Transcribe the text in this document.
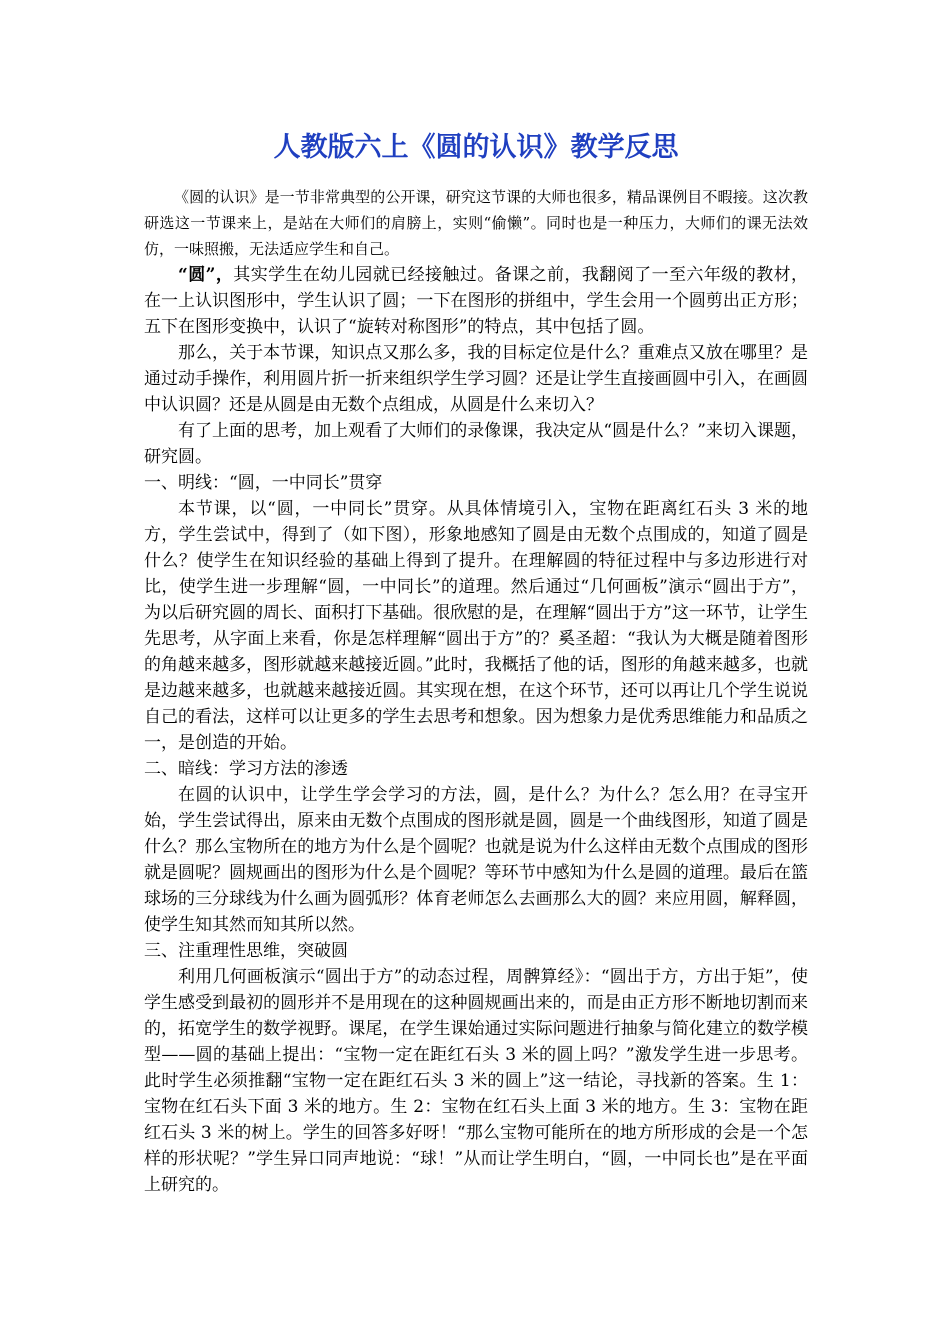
人教版六上《圆的认识》教学反思

《圆的认识》是一节非常典型的公开课，研究这节课的大师也很多，精品课例目不暇接。这次教研选这一节课来上，是站在大师们的肩膀上，实则“偷懒”。同时也是一种压力，大师们的课无法效仿，一味照搬，无法适应学生和自己。

“圆”，其实学生在幼儿园就已经接触过。备课之前，我翻阅了一至六年级的教材，在一上认识图形中，学生认识了圆；一下在图形的拼组中，学生会用一个圆剪出正方形；五下在图形变换中，认识了“旋转对称图形”的特点，其中包括了圆。

那么，关于本节课，知识点又那么多，我的目标定位是什么？重难点又放在哪里？是通过动手操作，利用圆片折一折来组织学生学习圆？还是让学生直接画圆中引入，在画圆中认识圆？还是从圆是由无数个点组成，从圆是什么来切入？

有了上面的思考，加上观看了大师们的录像课，我决定从“圆是什么？”来切入课题，研究圆。

一、明线：“圆，一中同长”贯穿

本节课，以“圆，一中同长”贯穿。从具体情境引入，宝物在距离红石头 3 米的地方，学生尝试中，得到了（如下图），形象地感知了圆是由无数个点围成的，知道了圆是什么？使学生在知识经验的基础上得到了提升。在理解圆的特征过程中与多边形进行对比，使学生进一步理解“圆，一中同长”的道理。然后通过“几何画板”演示“圆出于方”，为以后研究圆的周长、面积打下基础。很欣慰的是，在理解“圆出于方”这一环节，让学生先思考，从字面上来看，你是怎样理解“圆出于方”的？奚圣超：“我认为大概是随着图形的角越来越多，图形就越来越接近圆。”此时，我概括了他的话，图形的角越来越多，也就是边越来越多，也就越来越接近圆。其实现在想，在这个环节，还可以再让几个学生说说自己的看法，这样可以让更多的学生去思考和想象。因为想象力是优秀思维能力和品质之一，是创造的开始。

二、暗线：学习方法的渗透

在圆的认识中，让学生学会学习的方法，圆，是什么？为什么？怎么用？在寻宝开始，学生尝试得出，原来由无数个点围成的图形就是圆，圆是一个曲线图形，知道了圆是什么？那么宝物所在的地方为什么是个圆呢？也就是说为什么这样由无数个点围成的图形就是圆呢？圆规画出的图形为什么是个圆呢？等环节中感知为什么是圆的道理。最后在篮球场的三分球线为什么画为圆弧形？体育老师怎么去画那么大的圆？来应用圆，解释圆，使学生知其然而知其所以然。

三、注重理性思维，突破圆

利用几何画板演示“圆出于方”的动态过程，周髀算经》：“圆出于方，方出于矩”，使学生感受到最初的圆形并不是用现在的这种圆规画出来的，而是由正方形不断地切割而来的，拓宽学生的数学视野。课尾，在学生课始通过实际问题进行抽象与简化建立的数学模型——圆的基础上提出：“宝物一定在距红石头 3 米的圆上吗？”激发学生进一步思考。此时学生必须推翻“宝物一定在距红石头 3 米的圆上”这一结论，寻找新的答案。生 1：宝物在红石头下面 3 米的地方。生 2：宝物在红石头上面 3 米的地方。生 3：宝物在距红石头 3 米的树上。学生的回答多好呀！“那么宝物可能所在的地方所形成的会是一个怎样的形状呢？”学生异口同声地说：“球！”从而让学生明白，“圆，一中同长也”是在平面上研究的。
